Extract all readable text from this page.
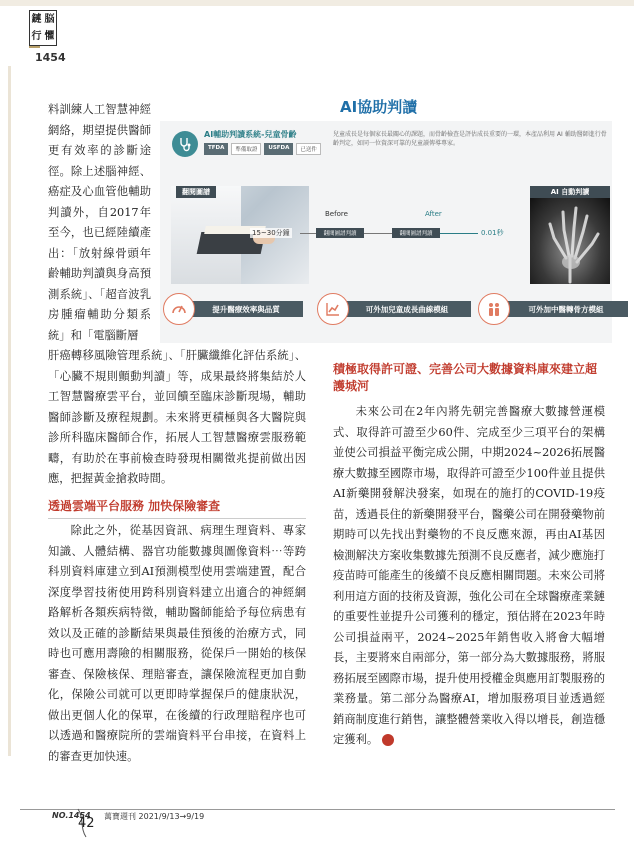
鏈 脳
行 懼
1454
AI協助判讀
AI輔助判讀系統-兒童骨齡
TFDA	準備取證	USFDA	已送件
兒童成長是每個家長最關心的課題，而骨齡檢查是評估成長重要的一環，本產品利用 AI 輔助醫師進行骨齡判定，如同一位資深可靠的兒童讀傳導專家。
翻閱圖譜
Before	After
15~30分鐘	翻閱圖譜判讀	翻閱圖譜判讀	0.01秒
AI 自動判讀
提升醫療效率與品質	可外加兒童成長曲線模組	可外加中醫轉骨方模組

料訓練人工智慧神經網絡，期望提供醫師更有效率的診斷途徑。除上述腦神經、癌症及心血管他輔助判讀外，自2017年至今，也已經陸續產出：「放射線骨頭年齡輔助判讀與身高預測系統」、「超音波乳房腫瘤輔助分類系統」和「電腦斷層

肝癌轉移風險管理系統」、「肝臟纖維化評估系統」、「心臟不規則顫動判讀」等，成果最終將集結於人工智慧醫療雲平台，並回饋至臨床診斷現場，輔助醫師診斷及療程規劃。未來將更積極與各大醫院與診所科臨床醫師合作，拓展人工智慧醫療雲服務範疇，有助於在事前檢查時發現相關徵兆提前做出因應，把握黃金搶救時間。

透過雲端平台服務 加快保險審查

除此之外，從基因資訊、病理生理資料、專家知識、人體結構、器官功能數據與圖像資料⋯等跨科別資料庫建立到AI預測模型使用雲端建置，配合深度學習技術使用跨科別資料建立出適合的神經網路解析各類疾病特徵，輔助醫師能給予每位病患有效以及正確的診斷結果與最佳預後的治療方式，同時也可應用壽險的相關服務，從保戶一開始的核保審查、保險核保、理賠審查，讓保險流程更加自動化，保險公司就可以更即時掌握保戶的健康狀況，做出更個人化的保單，在後續的行政理賠程序也可以透過和醫療院所的雲端資料平台串接，在資料上的審查更加快速。

積極取得許可證、完善公司大數據資料庫來建立超護城河

未來公司在2年內將先朝完善醫療大數據營運模式、取得許可證至少60件、完成至少三項平台的架構並使公司損益平衡完成公開，中期2024~2026拓展醫療大數據至國際市場，取得許可證至少100件並且提供AI新藥開發解決發案，如現在的施打的COVID-19疫苗，透過長住的新藥開發平台，醫藥公司在開發藥物前期時可以先找出對藥物的不良反應來源，再由AI基因檢測解決方案收集數據先預測不良反應者，減少應施打疫苗時可能產生的後續不良反應相關問題。未來公司將利用這方面的技術及資源，強化公司在全球醫療產業鏈的重要性並提升公司獲利的穩定，預估將在2023年時公司損益兩平，2024~2025年銷售收入將會大幅增長，主要將來自兩部分，第一部分為大數據服務，將服務拓展至國際市場，提升使用授權金與應用訂製服務的業務量。第二部分為醫療AI，增加服務項目並透過經銷商制度進行銷售，讓整體營業收入得以增長，創造穩定獲利。	鏈

NO.1454 萬寶週刊 2021/9/13→9/19
42
